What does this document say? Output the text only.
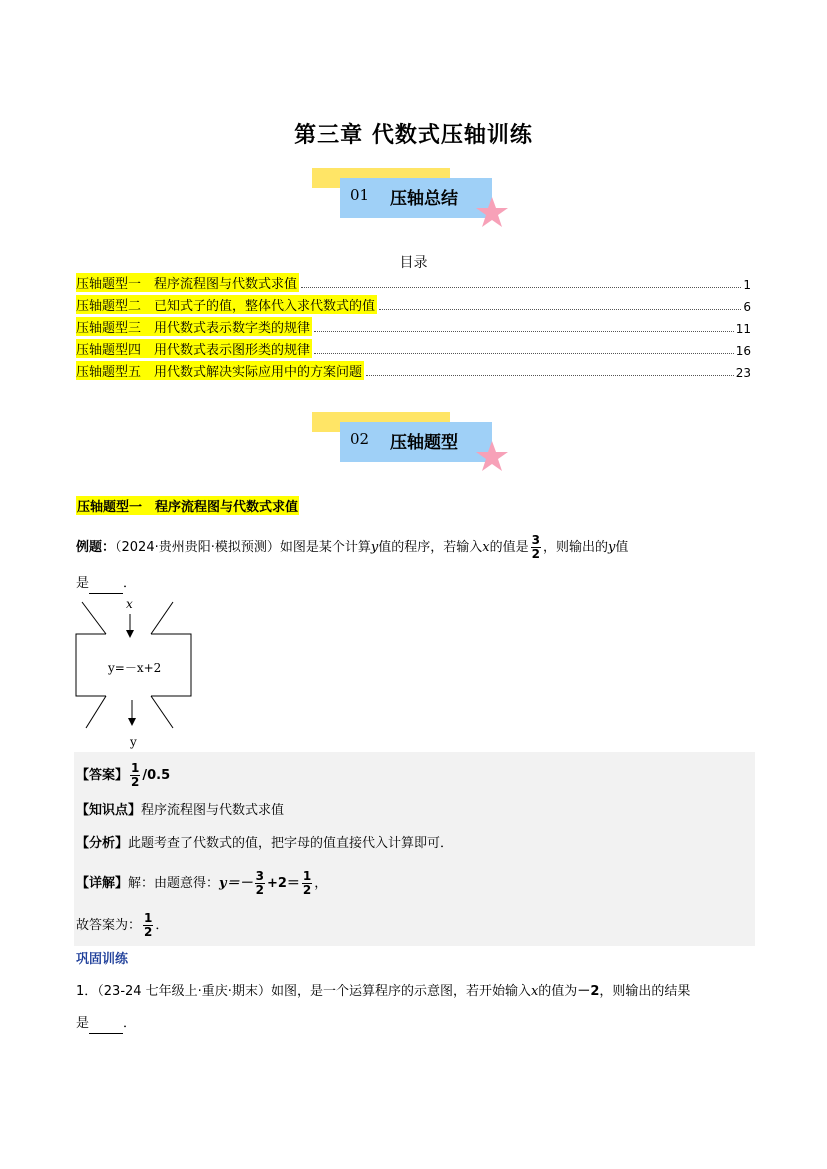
第三章 代数式压轴训练
01 压轴总结
目录
压轴题型一　程序流程图与代数式求值	1
压轴题型二　已知式子的值，整体代入求代数式的值	6
压轴题型三　用代数式表示数字类的规律	11
压轴题型四　用代数式表示图形类的规律	16
压轴题型五　用代数式解决实际应用中的方案问题	23
02 压轴题型
压轴题型一　程序流程图与代数式求值
例题：（2024·贵州贵阳·模拟预测）如图是某个计算y值的程序，若输入x的值是 $\frac{3}{2}$ ，则输出的y值
是	．
x
y=－x+2
y
【答案】 $\frac{1}{2} /0.5$
【知识点】程序流程图与代数式求值
【分析】此题考查了代数式的值，把字母的值直接代入计算即可．
【详解】解：由题意得：$y=- \frac{3}{2} +2= \frac{1}{2}$ ，
故答案为： $\frac{1}{2}$ ．
巩固训练
1．（23-24 七年级上·重庆·期末）如图，是一个运算程序的示意图，若开始输入x的值为－2，则输出的结果
是	．
